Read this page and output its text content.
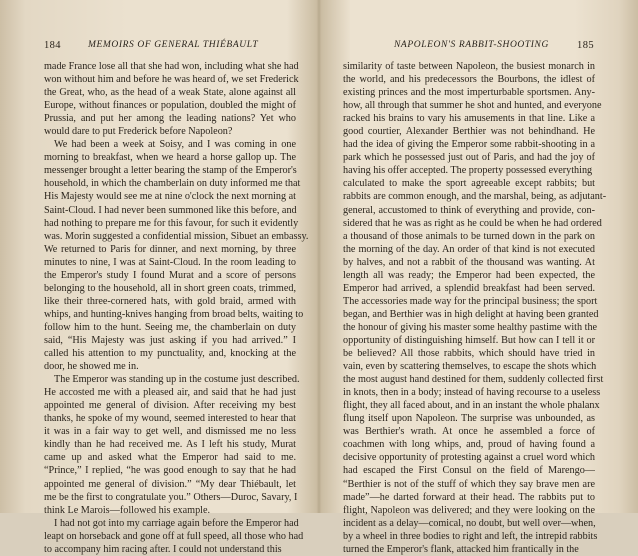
184	MEMOIRS OF GENERAL THIÉBAULT
made France lose all that she had won, including what she had
won without him and before he was heard of, we set Frederick
the Great, who, as the head of a weak State, alone against all
Europe, without finances or population, doubled the might of
Prussia, and put her among the leading nations? Yet who
would dare to put Frederick before Napoleon?
We had been a week at Soisy, and I was coming in one
morning to breakfast, when we heard a horse gallop up. The
messenger brought a letter bearing the stamp of the Emperor's
household, in which the chamberlain on duty informed me that
His Majesty would see me at nine o'clock the next morning at
Saint-Cloud. I had never been summoned like this before, and
had nothing to prepare me for this favour, for such it evidently
was. Morin suggested a confidential mission, Sibuet an embassy.
We returned to Paris for dinner, and next morning, by three
minutes to nine, I was at Saint-Cloud. In the room leading to
the Emperor's study I found Murat and a score of persons
belonging to the household, all in short green coats, trimmed,
like their three-cornered hats, with gold braid, armed with
whips, and hunting-knives hanging from broad belts, waiting to
follow him to the hunt. Seeing me, the chamberlain on duty
said, “His Majesty was just asking if you had arrived.” I
called his attention to my punctuality, and, knocking at the
door, he showed me in.
The Emperor was standing up in the costume just described.
He accosted me with a pleased air, and said that he had just
appointed me general of division. After receiving my best
thanks, he spoke of my wound, seemed interested to hear that
it was in a fair way to get well, and dismissed me no less
kindly than he had received me. As I left his study, Murat
came up and asked what the Emperor had said to me.
“Prince,” I replied, “he was good enough to say that he had
appointed me general of division.” “My dear Thiébault, let
me be the first to congratulate you.” Others—Duroc, Savary, I
think Le Marois—followed his example.
I had not got into my carriage again before the Emperor had
leapt on horseback and gone off at full speed, all those who had
to accompany him racing after. I could not understand this
NAPOLEON'S RABBIT-SHOOTING	185
similarity of taste between Napoleon, the busiest monarch in
the world, and his predecessors the Bourbons, the idlest of
existing princes and the most imperturbable sportsmen. Any-
how, all through that summer he shot and hunted, and everyone
racked his brains to vary his amusements in that line. Like a
good courtier, Alexander Berthier was not behindhand. He
had the idea of giving the Emperor some rabbit-shooting in a
park which he possessed just out of Paris, and had the joy of
having his offer accepted. The property possessed everything
calculated to make the sport agreeable except rabbits; but
rabbits are common enough, and the marshal, being, as adjutant-
general, accustomed to think of everything and provide, con-
sidered that he was as right as he could be when he had ordered
a thousand of those animals to be turned down in the park on
the morning of the day. An order of that kind is not executed
by halves, and not a rabbit of the thousand was wanting. At
length all was ready; the Emperor had been expected, the
Emperor had arrived, a splendid breakfast had been served.
The accessories made way for the principal business; the sport
began, and Berthier was in high delight at having been granted
the honour of giving his master some healthy pastime with the
opportunity of distinguishing himself. But how can I tell it or
be believed? All those rabbits, which should have tried in
vain, even by scattering themselves, to escape the shots which
the most august hand destined for them, suddenly collected first
in knots, then in a body; instead of having recourse to a useless
flight, they all faced about, and in an instant the whole phalanx
flung itself upon Napoleon. The surprise was unbounded, as
was Berthier's wrath. At once he assembled a force of
coachmen with long whips, and, proud of having found a
decisive opportunity of protesting against a cruel word which
had escaped the First Consul on the field of Marengo—
“Berthier is not of the stuff of which they say brave men are
made”—he darted forward at their head. The rabbits put to
flight, Napoleon was delivered; and they were looking on the
incident as a delay—comical, no doubt, but well over—when,
by a wheel in three bodies to right and left, the intrepid rabbits
turned the Emperor's flank, attacked him frantically in the
